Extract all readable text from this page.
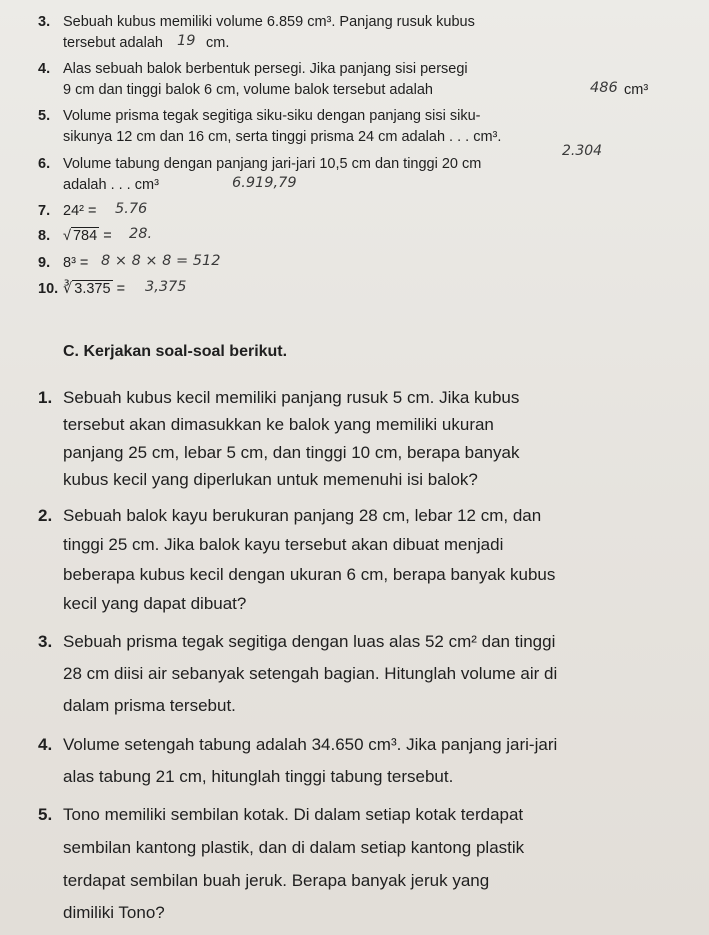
3. Sebuah kubus memiliki volume 6.859 cm³. Panjang rusuk kubus
tersebut adalah 19 cm.
4. Alas sebuah balok berbentuk persegi. Jika panjang sisi persegi
9 cm dan tinggi balok 6 cm, volume balok tersebut adalah	486 cm³
5. Volume prisma tegak segitiga siku-siku dengan panjang sisi siku-
sikunya 12 cm dan 16 cm, serta tinggi prisma 24 cm adalah . . . cm³.
2.304
6. Volume tabung dengan panjang jari-jari 10,5 cm dan tinggi 20 cm
adalah . . . cm³	6.919,79
7. 24² = 5.76
8. √ 784 = 28.
9. 8³ = 8 × 8 × 8 = 512
10. ∛ 3.375 = 3,375
C. Kerjakan soal-soal berikut.
1. Sebuah kubus kecil memiliki panjang rusuk 5 cm. Jika kubus
tersebut akan dimasukkan ke balok yang memiliki ukuran
panjang 25 cm, lebar 5 cm, dan tinggi 10 cm, berapa banyak
kubus kecil yang diperlukan untuk memenuhi isi balok?
2. Sebuah balok kayu berukuran panjang 28 cm, lebar 12 cm, dan
tinggi 25 cm. Jika balok kayu tersebut akan dibuat menjadi
beberapa kubus kecil dengan ukuran 6 cm, berapa banyak kubus
kecil yang dapat dibuat?
3. Sebuah prisma tegak segitiga dengan luas alas 52 cm² dan tinggi
28 cm diisi air sebanyak setengah bagian. Hitunglah volume air di
dalam prisma tersebut.
4. Volume setengah tabung adalah 34.650 cm³. Jika panjang jari-jari
alas tabung 21 cm, hitunglah tinggi tabung tersebut.
5. Tono memiliki sembilan kotak. Di dalam setiap kotak terdapat
sembilan kantong plastik, dan di dalam setiap kantong plastik
terdapat sembilan buah jeruk. Berapa banyak jeruk yang
dimiliki Tono?
